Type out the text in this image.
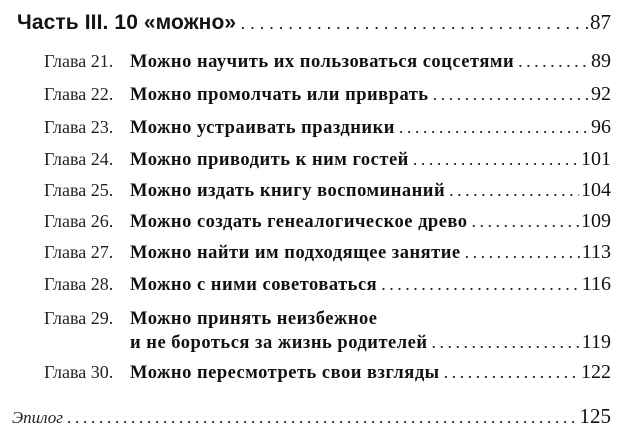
Часть III. 10 «можно» . . .	87
Глава 21. Можно научить их пользоваться соцсетями . . .	89
Глава 22. Можно промолчать или приврать . . .	92
Глава 23. Можно устраивать праздники . . .	96
Глава 24. Можно приводить к ним гостей . . .	101
Глава 25. Можно издать книгу воспоминаний . . .	104
Глава 26. Можно создать генеалогическое древо . . .	109
Глава 27. Можно найти им подходящее занятие . . .	113
Глава 28. Можно с ними советоваться . . .	116
Глава 29. Можно принять неизбежное
и не бороться за жизнь родителей . . .	119
Глава 30. Можно пересмотреть свои взгляды . . .	122
Эпилог . . .	125
